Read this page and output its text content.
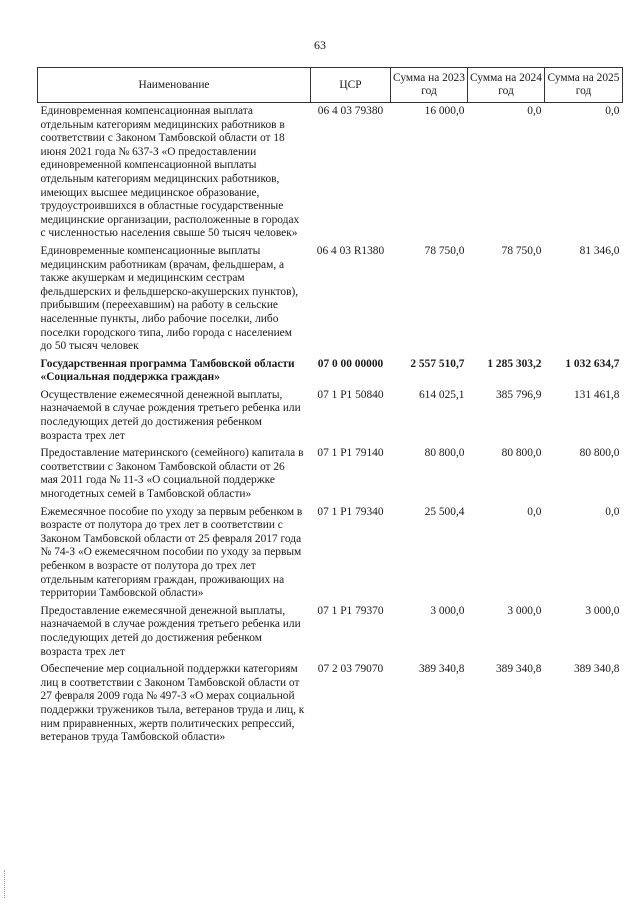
63
Наименование	ЦСР	Сумма на 2023 год	Сумма на 2024 год	Сумма на 2025 год
Единовременная компенсационная выплата отдельным категориям медицинских работников в соответствии с Законом Тамбовской области от 18 июня 2021 года № 637-З «О предоставлении единовременной компенсационной выплаты отдельным категориям медицинских работников, имеющих высшее медицинское образование, трудоустроившихся в областные государственные медицинские организации, расположенные в городах с численностью населения свыше 50 тысяч человек»	06 4 03 79380	16 000,0	0,0	0,0
Единовременные компенсационные выплаты медицинским работникам (врачам, фельдшерам, а также акушеркам и медицинским сестрам фельдшерских и фельдшерско-акушерских пунктов), прибывшим (переехавшим) на работу в сельские населенные пункты, либо рабочие поселки, либо поселки городского типа, либо города с населением до 50 тысяч человек	06 4 03 R1380	78 750,0	78 750,0	81 346,0
Государственная программа Тамбовской области «Социальная поддержка граждан»	07 0 00 00000	2 557 510,7	1 285 303,2	1 032 634,7
Осуществление ежемесячной денежной выплаты, назначаемой в случае рождения третьего ребенка или последующих детей до достижения ребенком возраста трех лет	07 1 P1 50840	614 025,1	385 796,9	131 461,8
Предоставление материнского (семейного) капитала в соответствии с Законом Тамбовской области от 26 мая 2011 года № 11-З «О социальной поддержке многодетных семей в Тамбовской области»	07 1 P1 79140	80 800,0	80 800,0	80 800,0
Ежемесячное пособие по уходу за первым ребенком в возрасте от полутора до трех лет в соответствии с Законом Тамбовской области от 25 февраля 2017 года № 74-З «О ежемесячном пособии по уходу за первым ребенком в возрасте от полутора до трех лет отдельным категориям граждан, проживающих на территории Тамбовской области»	07 1 P1 79340	25 500,4	0,0	0,0
Предоставление ежемесячной денежной выплаты, назначаемой в случае рождения третьего ребенка или последующих детей до достижения ребенком возраста трех лет	07 1 P1 79370	3 000,0	3 000,0	3 000,0
Обеспечение мер социальной поддержки категориям лиц в соответствии с Законом Тамбовской области от 27 февраля 2009 года № 497-З «О мерах социальной поддержки тружеников тыла, ветеранов труда и лиц, к ним приравненных, жертв политических репрессий, ветеранов труда Тамбовской области»	07 2 03 79070	389 340,8	389 340,8	389 340,8
